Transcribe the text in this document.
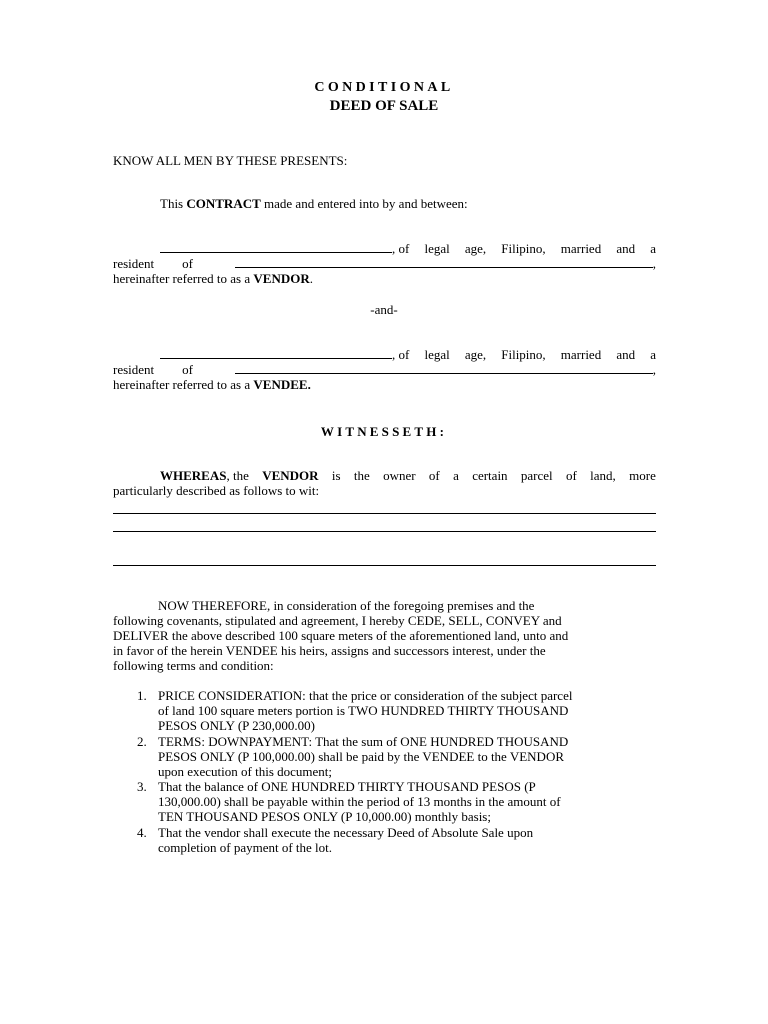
CONDITIONAL
DEED OF SALE
KNOW ALL MEN BY THESE PRESENTS:
This CONTRACT made and entered into by and between:
, of legal age, Filipino, married and a
resident of	,
hereinafter referred to as a VENDOR.
-and-
, of legal age, Filipino, married and a
resident of	,
hereinafter referred to as a VENDEE.
WITNESSETH:
WHEREAS , the VENDOR is the owner of a certain parcel of land, more
particularly described as follows to wit:
NOW THEREFORE, in consideration of the foregoing premises and the
following covenants, stipulated and agreement, I hereby CEDE, SELL, CONVEY and
DELIVER the above described 100 square meters of the aforementioned land, unto and
in favor of the herein VENDEE his heirs, assigns and successors interest, under the
following terms and condition:
1. PRICE CONSIDERATION: that the price or consideration of the subject parcel
of land 100 square meters portion is TWO HUNDRED THIRTY THOUSAND
PESOS ONLY (P 230,000.00)
2. TERMS: DOWNPAYMENT: That the sum of ONE HUNDRED THOUSAND
PESOS ONLY (P 100,000.00) shall be paid by the VENDEE to the VENDOR
upon execution of this document;
3. That the balance of ONE HUNDRED THIRTY THOUSAND PESOS (P
130,000.00) shall be payable within the period of 13 months in the amount of
TEN THOUSAND PESOS ONLY (P 10,000.00) monthly basis;
4. That the vendor shall execute the necessary Deed of Absolute Sale upon
completion of payment of the lot.
